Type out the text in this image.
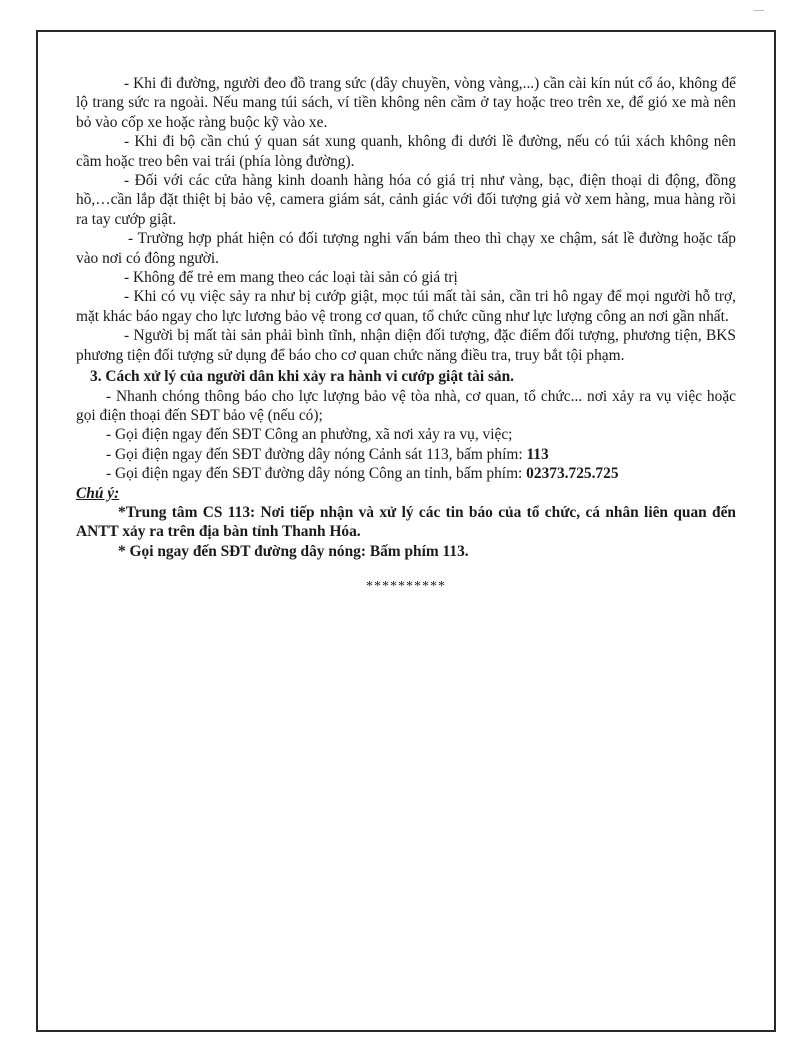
- Khi đi đường, người đeo đồ trang sức (dây chuyền, vòng vàng,...) cần cài kín nút cổ áo, không để lộ trang sức ra ngoài. Nếu mang túi sách, ví tiền không nên cầm ở tay hoặc treo trên xe, để gió xe mà nên bỏ vào cốp xe hoặc ràng buộc kỹ vào xe.

- Khi đi bộ cần chú ý quan sát xung quanh, không đi dưới lề đường, nếu có túi xách không nên cầm hoặc treo bên vai trái (phía lòng đường).

- Đối với các cửa hàng kinh doanh hàng hóa có giá trị như vàng, bạc, điện thoại di động, đồng hồ,…cần lắp đặt thiệt bị bảo vệ, camera giám sát, cảnh giác với đối tượng giả vờ xem hàng, mua hàng rồi ra tay cướp giật.

- Trường hợp phát hiện có đối tượng nghi vấn bám theo thì chạy xe chậm, sát lề đường hoặc tấp vào nơi có đông người.

- Không để trẻ em mang theo các loại tài sản có giá trị

- Khi có vụ việc sảy ra như bị cướp giật, mọc túi mất tài sản, cần tri hô ngay để mọi người hỗ trợ, mặt khác báo ngay cho lực lương bảo vệ trong cơ quan, tổ chức cũng như lực lượng công an nơi gần nhất.

- Người bị mất tài sản phải bình tĩnh, nhận diện đối tượng, đặc điểm đối tượng, phương tiện, BKS phương tiện đối tượng sử dụng để báo cho cơ quan chức năng điều tra, truy bắt tội phạm.

3. Cách xử lý của người dân khi xảy ra hành vi cướp giật tài sản.

- Nhanh chóng thông báo cho lực lượng bảo vệ tòa nhà, cơ quan, tổ chức... nơi xảy ra vụ việc hoặc gọi điện thoại đến SĐT bảo vệ (nếu có);

- Gọi điện ngay đến SĐT Công an phường, xã nơi xảy ra vụ, việc;

- Gọi điện ngay đến SĐT đường dây nóng Cảnh sát 113, bấm phím: 113

- Gọi điện ngay đến SĐT đường dây nóng Công an tỉnh, bấm phím: 02373.725.725

Chú ý:

*Trung tâm CS 113: Nơi tiếp nhận và xử lý các tin báo của tổ chức, cá nhân liên quan đến ANTT xảy ra trên địa bàn tỉnh Thanh Hóa.

* Gọi ngay đến SĐT đường dây nóng: Bấm phím 113.

**********
